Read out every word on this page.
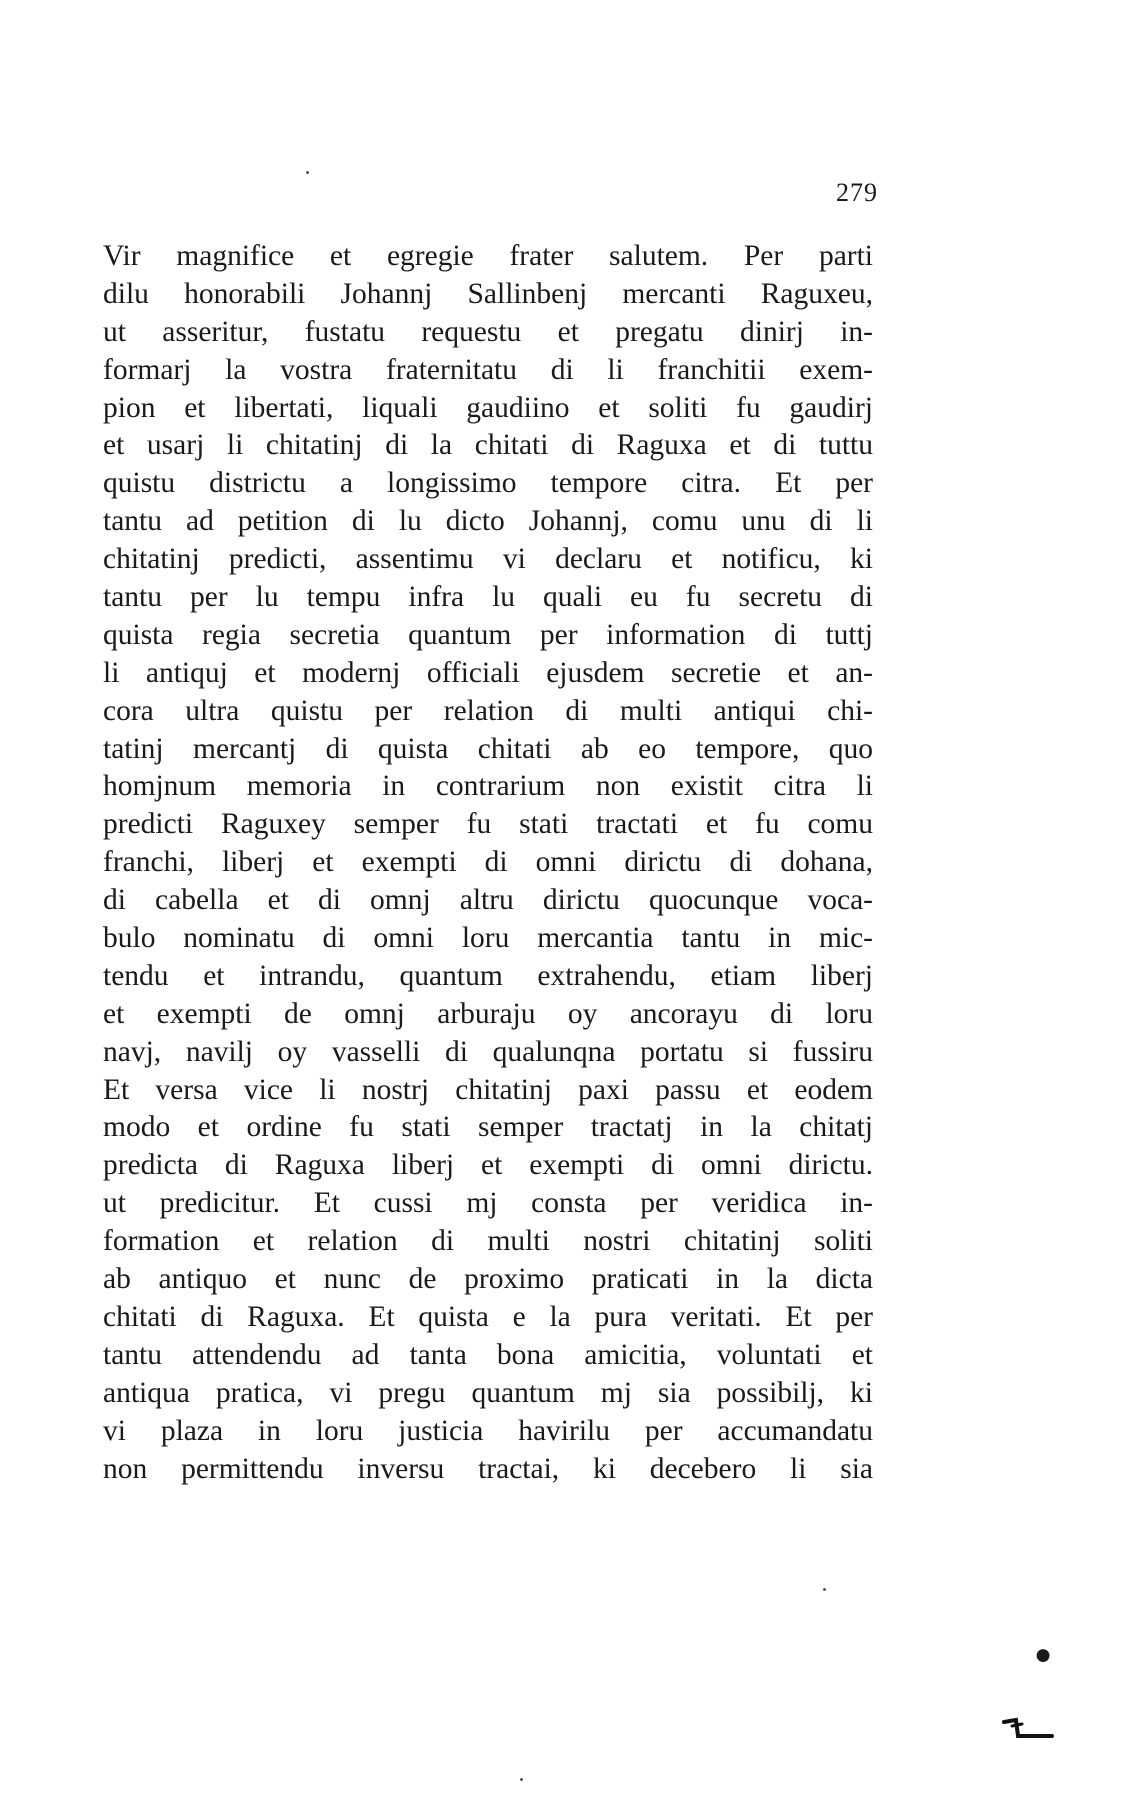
279
Vir magnifice et egregie frater salutem. Per parti
dilu honorabili Johannj Sallinbenj mercanti Raguxeu,
ut asseritur, fustatu requestu et pregatu dinirj in-
formarj la vostra fraternitatu di li franchitii exem-
pion et libertati, liquali gaudiino et soliti fu gaudirj
et usarj li chitatinj di la chitati di Raguxa et di tuttu
quistu districtu a longissimo tempore citra. Et per
tantu ad petition di lu dicto Johannj, comu unu di li
chitatinj predicti, assentimu vi declaru et notificu, ki
tantu per lu tempu infra lu quali eu fu secretu di
quista regia secretia quantum per information di tuttj
li antiquj et modernj officiali ejusdem secretie et an-
cora ultra quistu per relation di multi antiqui chi-
tatinj mercantj di quista chitati ab eo tempore, quo
homjnum memoria in contrarium non existit citra li
predicti Raguxey semper fu stati tractati et fu comu
franchi, liberj et exempti di omni dirictu di dohana,
di cabella et di omnj altru dirictu quocunque voca-
bulo nominatu di omni loru mercantia tantu in mic-
tendu et intrandu, quantum extrahendu, etiam liberj
et exempti de omnj arburaju oy ancorayu di loru
navj, navilj oy vasselli di qualunqna portatu si fussiru
Et versa vice li nostrj chitatinj paxi passu et eodem
modo et ordine fu stati semper tractatj in la chitatj
predicta di Raguxa liberj et exempti di omni dirictu.
ut predicitur. Et cussi mj consta per veridica in-
formation et relation di multi nostri chitatinj soliti
ab antiquo et nunc de proximo praticati in la dicta
chitati di Raguxa. Et quista e la pura veritati. Et per
tantu attendendu ad tanta bona amicitia, voluntati et
antiqua pratica, vi pregu quantum mj sia possibilj, ki
vi plaza in loru justicia havirilu per accumandatu
non permittendu inversu tractai, ki decebero li sia
●
